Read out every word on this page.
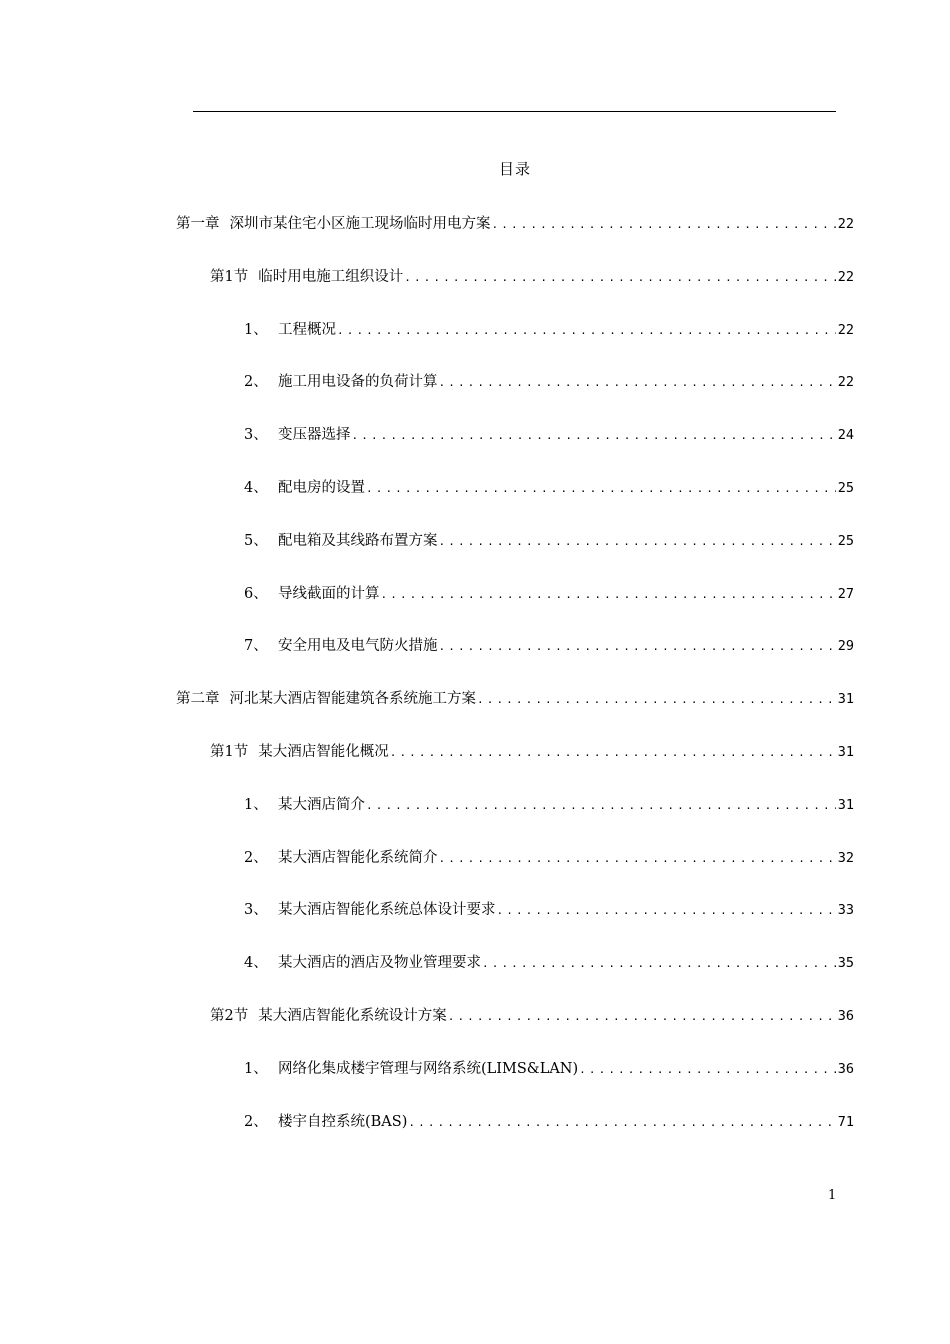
目录
第一章 深圳市某住宅小区施工现场临时用电方案 .....	22
第1节 临时用电施工组织设计 .....	22
1、 工程概况 .....	22
2、 施工用电设备的负荷计算 .....	22
3、 变压器选择 .....	24
4、 配电房的设置 .....	25
5、 配电箱及其线路布置方案 .....	25
6、 导线截面的计算 .....	27
7、 安全用电及电气防火措施 .....	29
第二章 河北某大酒店智能建筑各系统施工方案 .....	31
第1节 某大酒店智能化概况 .....	31
1、 某大酒店简介 .....	31
2、 某大酒店智能化系统简介 .....	32
3、 某大酒店智能化系统总体设计要求 .....	33
4、 某大酒店的酒店及物业管理要求 .....	35
第2节 某大酒店智能化系统设计方案 .....	36
1、 网络化集成楼宇管理与网络系统(LIMS&LAN) .....	36
2、 楼宇自控系统(BAS) .....	71
1
